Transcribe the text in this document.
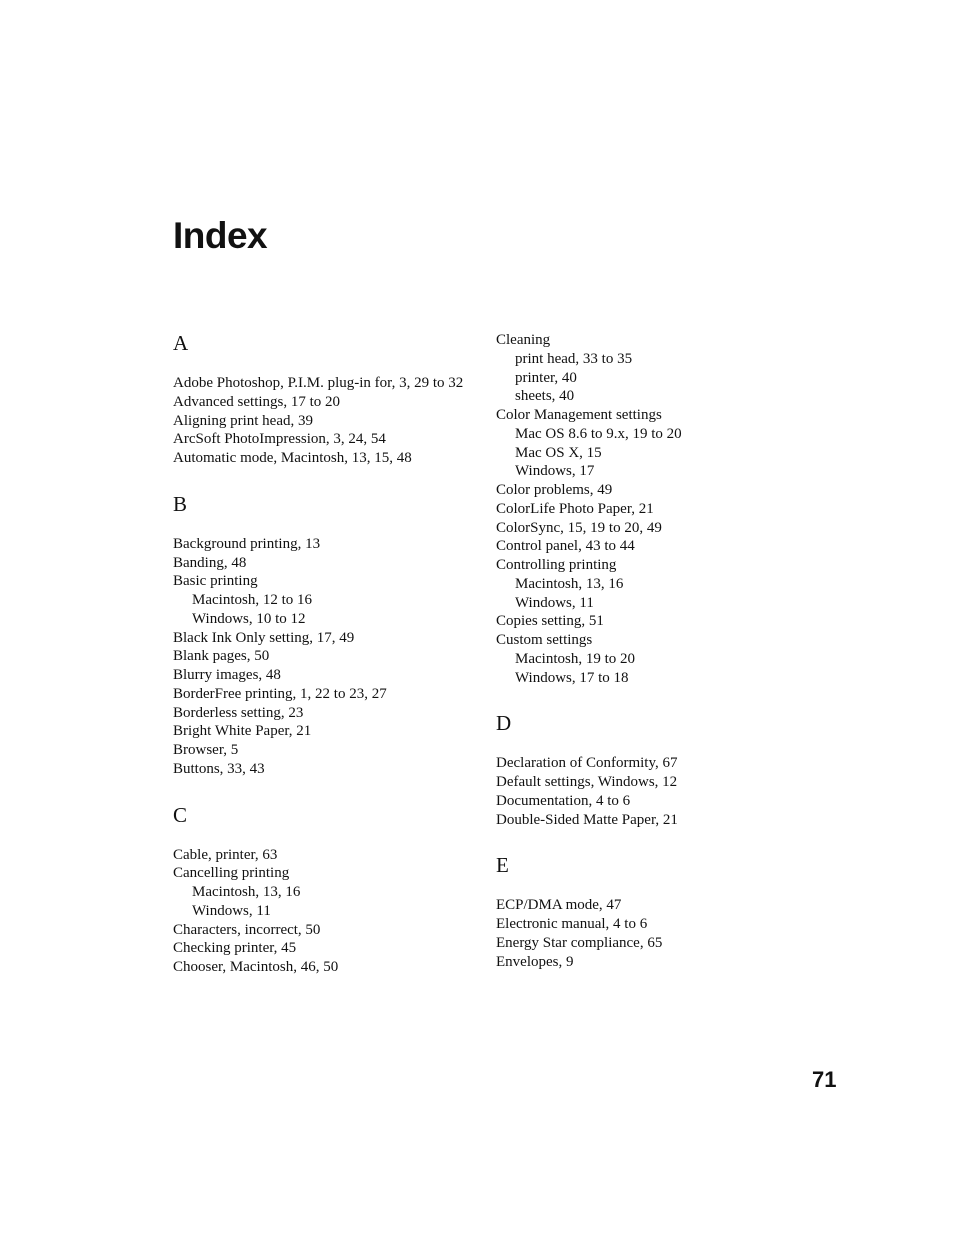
Index
A
Adobe Photoshop, P.I.M. plug-in for, 3, 29 to 32
Advanced settings, 17 to 20
Aligning print head, 39
ArcSoft PhotoImpression, 3, 24, 54
Automatic mode, Macintosh, 13, 15, 48
B
Background printing, 13
Banding, 48
Basic printing
Macintosh, 12 to 16
Windows, 10 to 12
Black Ink Only setting, 17, 49
Blank pages, 50
Blurry images, 48
BorderFree printing, 1, 22 to 23, 27
Borderless setting, 23
Bright White Paper, 21
Browser, 5
Buttons, 33, 43
C
Cable, printer, 63
Cancelling printing
Macintosh, 13, 16
Windows, 11
Characters, incorrect, 50
Checking printer, 45
Chooser, Macintosh, 46, 50
Cleaning
print head, 33 to 35
printer, 40
sheets, 40
Color Management settings
Mac OS 8.6 to 9.x, 19 to 20
Mac OS X, 15
Windows, 17
Color problems, 49
ColorLife Photo Paper, 21
ColorSync, 15, 19 to 20, 49
Control panel, 43 to 44
Controlling printing
Macintosh, 13, 16
Windows, 11
Copies setting, 51
Custom settings
Macintosh, 19 to 20
Windows, 17 to 18
D
Declaration of Conformity, 67
Default settings, Windows, 12
Documentation, 4 to 6
Double-Sided Matte Paper, 21
E
ECP/DMA mode, 47
Electronic manual, 4 to 6
Energy Star compliance, 65
Envelopes, 9
71
